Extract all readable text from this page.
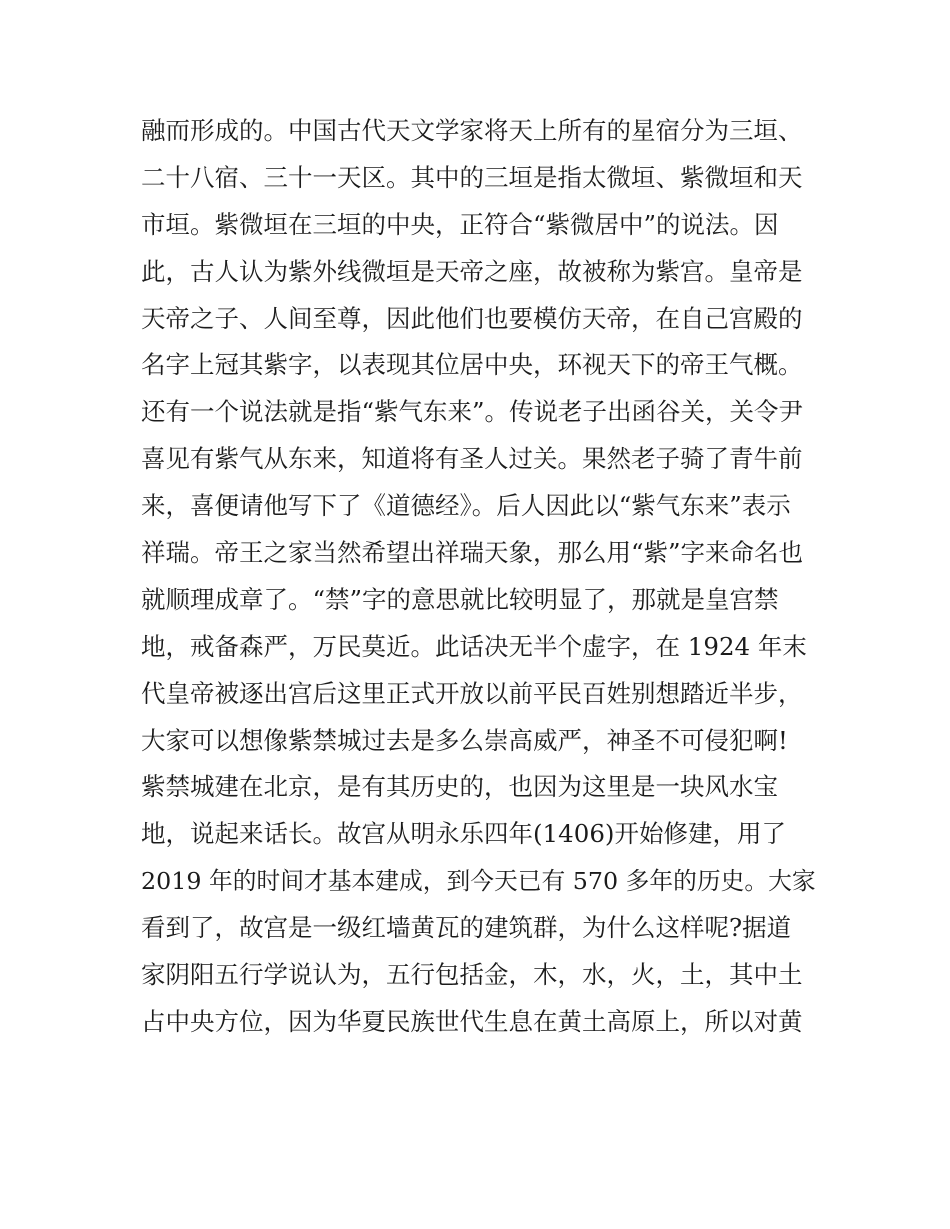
融而形成的。中国古代天文学家将天上所有的星宿分为三垣、
二十八宿、三十一天区。其中的三垣是指太微垣、紫微垣和天
市垣。紫微垣在三垣的中央，正符合“紫微居中”的说法。因
此，古人认为紫外线微垣是天帝之座，故被称为紫宫。皇帝是
天帝之子、人间至尊，因此他们也要模仿天帝，在自己宫殿的
名字上冠其紫字，以表现其位居中央，环视天下的帝王气概。
还有一个说法就是指“紫气东来”。传说老子出函谷关，关令尹
喜见有紫气从东来，知道将有圣人过关。果然老子骑了青牛前
来，喜便请他写下了《道德经》。后人因此以“紫气东来”表示
祥瑞。帝王之家当然希望出祥瑞天象，那么用“紫”字来命名也
就顺理成章了。“禁”字的意思就比较明显了，那就是皇宫禁
地，戒备森严，万民莫近。此话决无半个虚字，在 1924 年末
代皇帝被逐出宫后这里正式开放以前平民百姓别想踏近半步，
大家可以想像紫禁城过去是多么崇高威严，神圣不可侵犯啊!
紫禁城建在北京，是有其历史的，也因为这里是一块风水宝
地，说起来话长。故宫从明永乐四年(1406)开始修建，用了
2019 年的时间才基本建成，到今天已有 570 多年的历史。大家
看到了，故宫是一级红墙黄瓦的建筑群，为什么这样呢?据道
家阴阳五行学说认为，五行包括金，木，水，火，土，其中土
占中央方位，因为华夏民族世代生息在黄土高原上，所以对黄
